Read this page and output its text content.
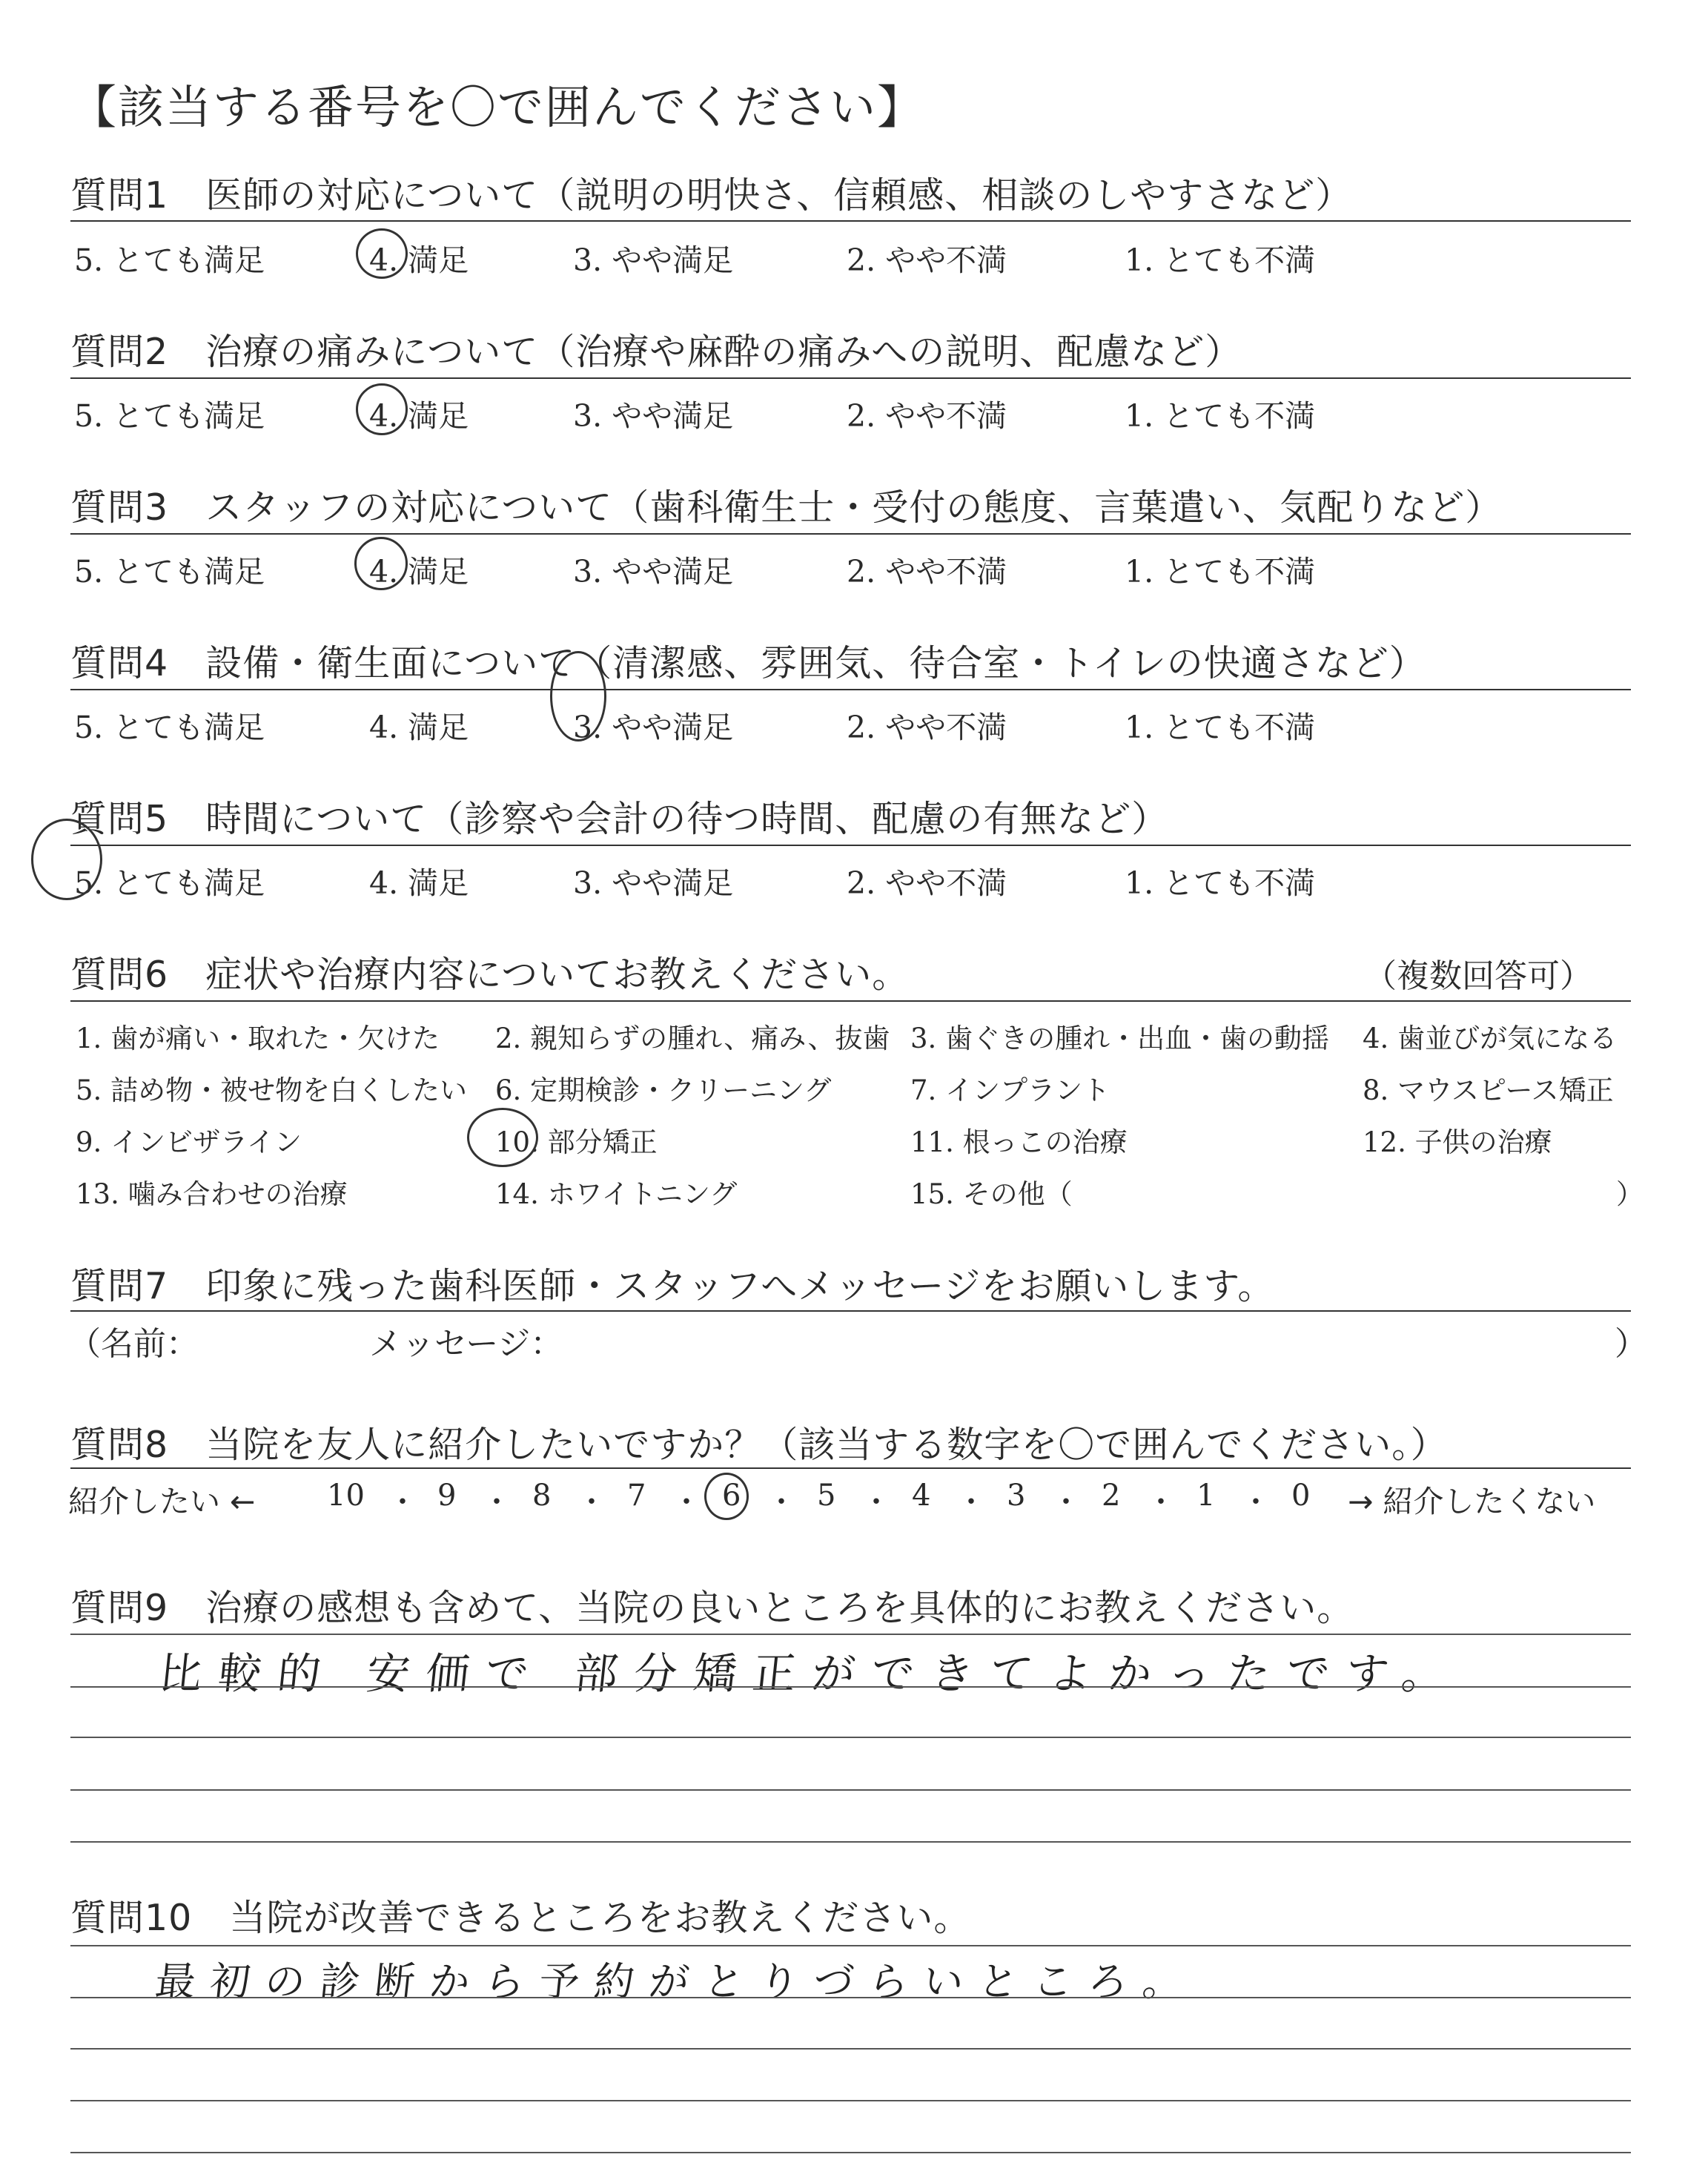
【該当する番号を〇で囲んでください】
質問1　 医師の対応について（説明の明快さ、信頼感、相談のしやすさなど）
5. とても満足	4. 満足	3. やや満足	2. やや不満	1. とても不満
質問2　 治療の痛みについて（治療や麻酔の痛みへの説明、配慮など）
5. とても満足	4. 満足	3. やや満足	2. やや不満	1. とても不満
質問3　 スタッフの対応について（歯科衛生士・受付の態度、言葉遣い、気配りなど）
5. とても満足	4. 満足	3. やや満足	2. やや不満	1. とても不満
質問4　 設備・衛生面について（清潔感、雰囲気、待合室・トイレの快適さなど）
5. とても満足	4. 満足	3. やや満足	2. やや不満	1. とても不満
質問5　 時間について（診察や会計の待つ時間、配慮の有無など）
5. とても満足	4. 満足	3. やや満足	2. やや不満	1. とても不満
質問6　 症状や治療内容についてお教えください。	（複数回答可）
1. 歯が痛い・取れた・欠けた 2. 親知らずの腫れ、痛み、抜歯 3. 歯ぐきの腫れ・出血・歯の動揺 4. 歯並びが気になる
5. 詰め物・被せ物を白くしたい 6. 定期検診・クリーニング	7. インプラント	8. マウスピース矯正
9. インビザライン	10. 部分矯正	11. 根っこの治療	12. 子供の治療
13. 噛み合わせの治療	14. ホワイトニング	15. その他（	）
質問7　 印象に残った歯科医師・スタッフへメッセージをお願いします。
（名前：	メッセージ：	）
質問8　 当院を友人に紹介したいですか？（該当する数字を〇で囲んでください。）
紹介したい ←	→ 紹介したくない
10 ・ 9 ・ 8 ・ 7 ・ 6 ・ 5 ・ 4 ・ 3 ・ 2 ・ 1 ・ 0
質問9　 治療の感想も含めて、当院の良いところを具体的にお教えください。
比較的 安価で 部分矯正ができてよかったです。
質問10　 当院が改善できるところをお教えください。
最初の診断から予約がとりづらいところ。
